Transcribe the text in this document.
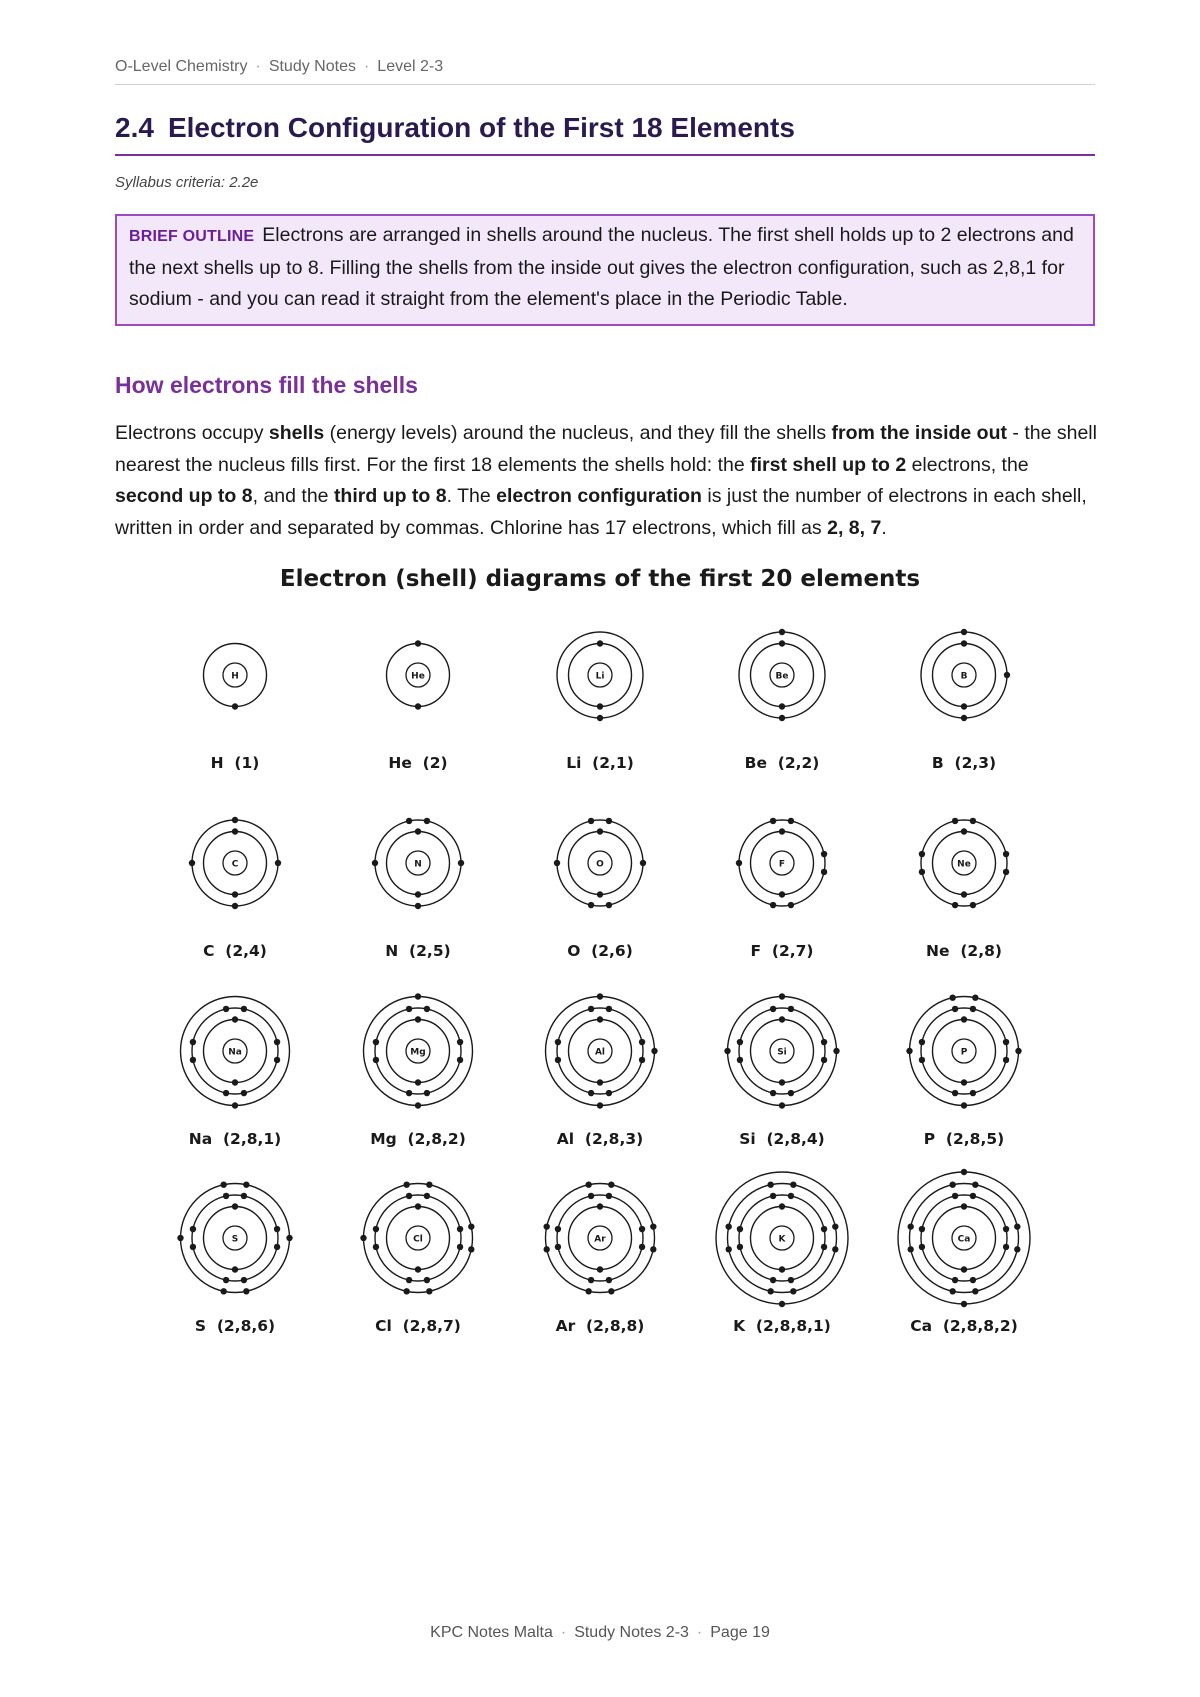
O-Level Chemistry · Study Notes · Level 2-3
2.4 Electron Configuration of the First 18 Elements
Syllabus criteria: 2.2e
BRIEF OUTLINE Electrons are arranged in shells around the nucleus. The first shell holds up to 2 electrons and the next shells up to 8. Filling the shells from the inside out gives the electron configuration, such as 2,8,1 for sodium - and you can read it straight from the element's place in the Periodic Table.
How electrons fill the shells
Electrons occupy shells (energy levels) around the nucleus, and they fill the shells from the inside out - the shell nearest the nucleus fills first. For the first 18 elements the shells hold: the first shell up to 2 electrons, the second up to 8, and the third up to 8. The electron configuration is just the number of electrons in each shell, written in order and separated by commas. Chlorine has 17 electrons, which fill as 2, 8, 7.
Electron (shell) diagrams of the first 20 elements
H
H  (1)
He
He  (2)
Li
Li  (2,1)
Be
Be  (2,2)
B
B  (2,3)
C
C  (2,4)
N
N  (2,5)
O
O  (2,6)
F
F  (2,7)
Ne
Ne  (2,8)
Na
Na  (2,8,1)
Mg
Mg  (2,8,2)
Al
Al  (2,8,3)
Si
Si  (2,8,4)
P
P  (2,8,5)
S
S  (2,8,6)
Cl
Cl  (2,8,7)
Ar
Ar  (2,8,8)
K
K  (2,8,8,1)
Ca
Ca  (2,8,8,2)
KPC Notes Malta · Study Notes 2-3 · Page 19
